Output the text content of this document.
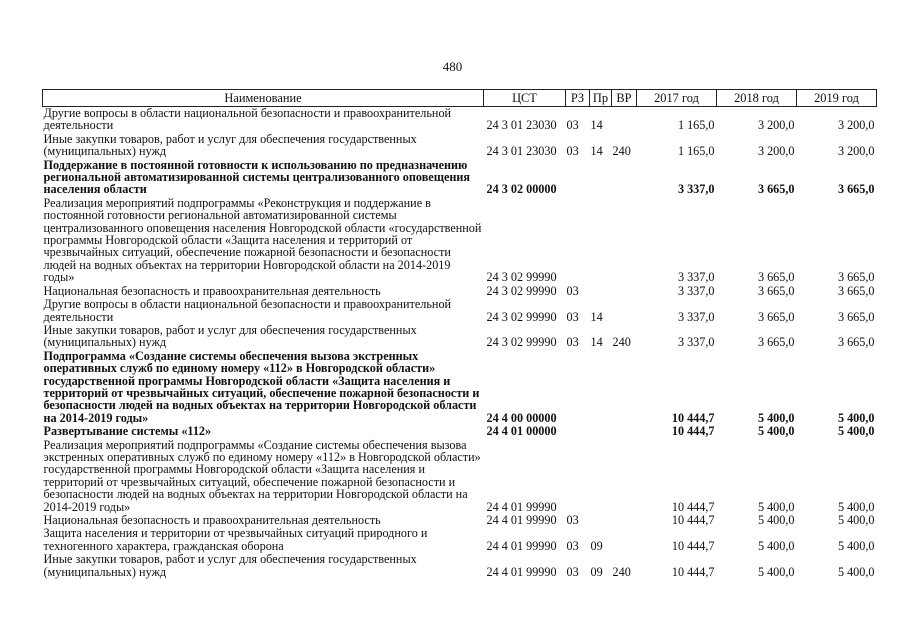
480
Наименование	ЦСТ	РЗ	Пр	ВР	2017 год	2018 год	2019 год
Другие вопросы в области национальной безопасности и правоохранительной деятельности	24 3 01 23030	03	14		1 165,0	3 200,0	3 200,0
Иные закупки товаров, работ и услуг для обеспечения государственных (муниципальных) нужд	24 3 01 23030	03	14	240	1 165,0	3 200,0	3 200,0
Поддержание в постоянной готовности к использованию по предназначению региональной автоматизированной системы централизованного оповещения населения области	24 3 02 00000				3 337,0	3 665,0	3 665,0
Реализация мероприятий подпрограммы «Реконструкция и поддержание в постоянной готовности региональной автоматизированной системы централизованного оповещения населения Новгородской области «государственной программы Новгородской области «Защита населения и территорий от чрезвычайных ситуаций, обеспечение пожарной безопасности и безопасности людей на водных объектах на территории Новгородской области на 2014-2019 годы»	24 3 02 99990				3 337,0	3 665,0	3 665,0
Национальная безопасность и правоохранительная деятельность	24 3 02 99990	03			3 337,0	3 665,0	3 665,0
Другие вопросы в области национальной безопасности и правоохранительной деятельности	24 3 02 99990	03	14		3 337,0	3 665,0	3 665,0
Иные закупки товаров, работ и услуг для обеспечения государственных (муниципальных) нужд	24 3 02 99990	03	14	240	3 337,0	3 665,0	3 665,0
Подпрограмма «Создание системы обеспечения вызова экстренных оперативных служб по единому номеру «112» в Новгородской области» государственной программы Новгородской области «Защита населения и территорий от чрезвычайных ситуаций, обеспечение пожарной безопасности и безопасности людей на водных объектах на территории Новгородской области на 2014-2019 годы»	24 4 00 00000				10 444,7	5 400,0	5 400,0
Развертывание системы «112»	24 4 01 00000				10 444,7	5 400,0	5 400,0
Реализация мероприятий подпрограммы «Создание системы обеспечения вызова экстренных оперативных служб по единому номеру «112» в Новгородской области» государственной программы Новгородской области «Защита населения и территорий от чрезвычайных ситуаций, обеспечение пожарной безопасности и безопасности людей на водных объектах на территории Новгородской области на 2014-2019 годы»	24 4 01 99990				10 444,7	5 400,0	5 400,0
Национальная безопасность и правоохранительная деятельность	24 4 01 99990	03			10 444,7	5 400,0	5 400,0
Защита населения и территории от чрезвычайных ситуаций природного и техногенного характера, гражданская оборона	24 4 01 99990	03	09		10 444,7	5 400,0	5 400,0
Иные закупки товаров, работ и услуг для обеспечения государственных (муниципальных) нужд	24 4 01 99990	03	09	240	10 444,7	5 400,0	5 400,0
